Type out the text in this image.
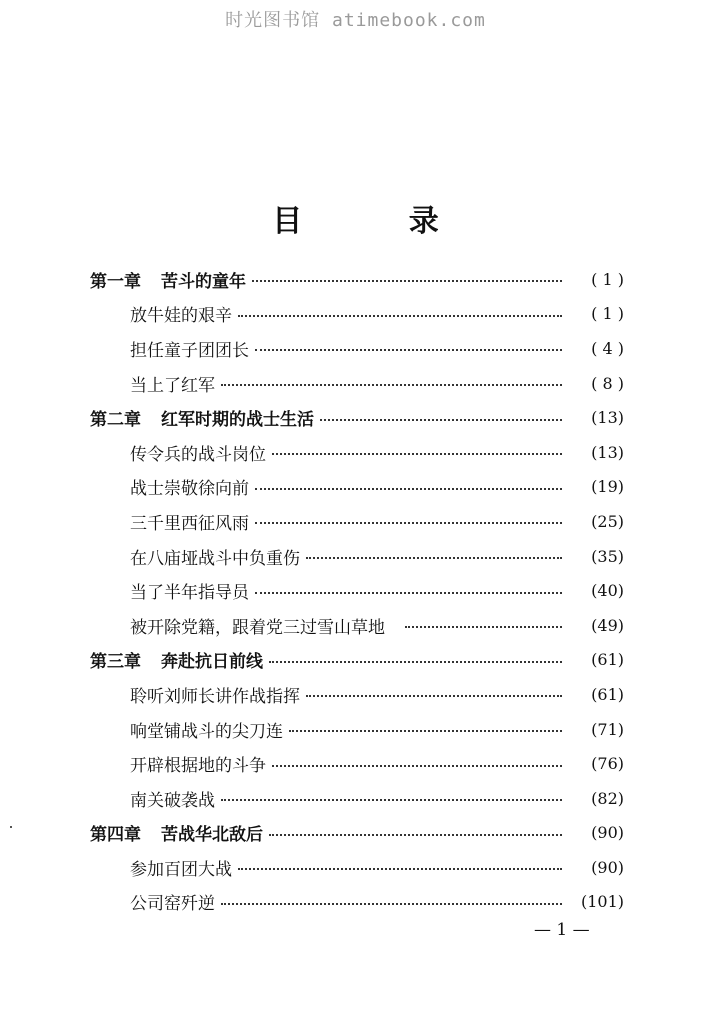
时光图书馆 atimebook.com
目 录
第一章 苦斗的童年	( 1 )
放牛娃的艰辛	( 1 )
担任童子团团长	( 4 )
当上了红军	( 8 )
第二章 红军时期的战士生活	(13)
传令兵的战斗岗位	(13)
战士崇敬徐向前	(19)
三千里西征风雨	(25)
在八庙垭战斗中负重伤	(35)
当了半年指导员	(40)
被开除党籍，跟着党三过雪山草地	(49)
第三章 奔赴抗日前线	(61)
聆听刘师长讲作战指挥	(61)
响堂铺战斗的尖刀连	(71)
开辟根据地的斗争	(76)
南关破袭战	(82)
第四章 苦战华北敌后	(90)
参加百团大战	(90)
公司窑歼逆	(101)
— 1 —
